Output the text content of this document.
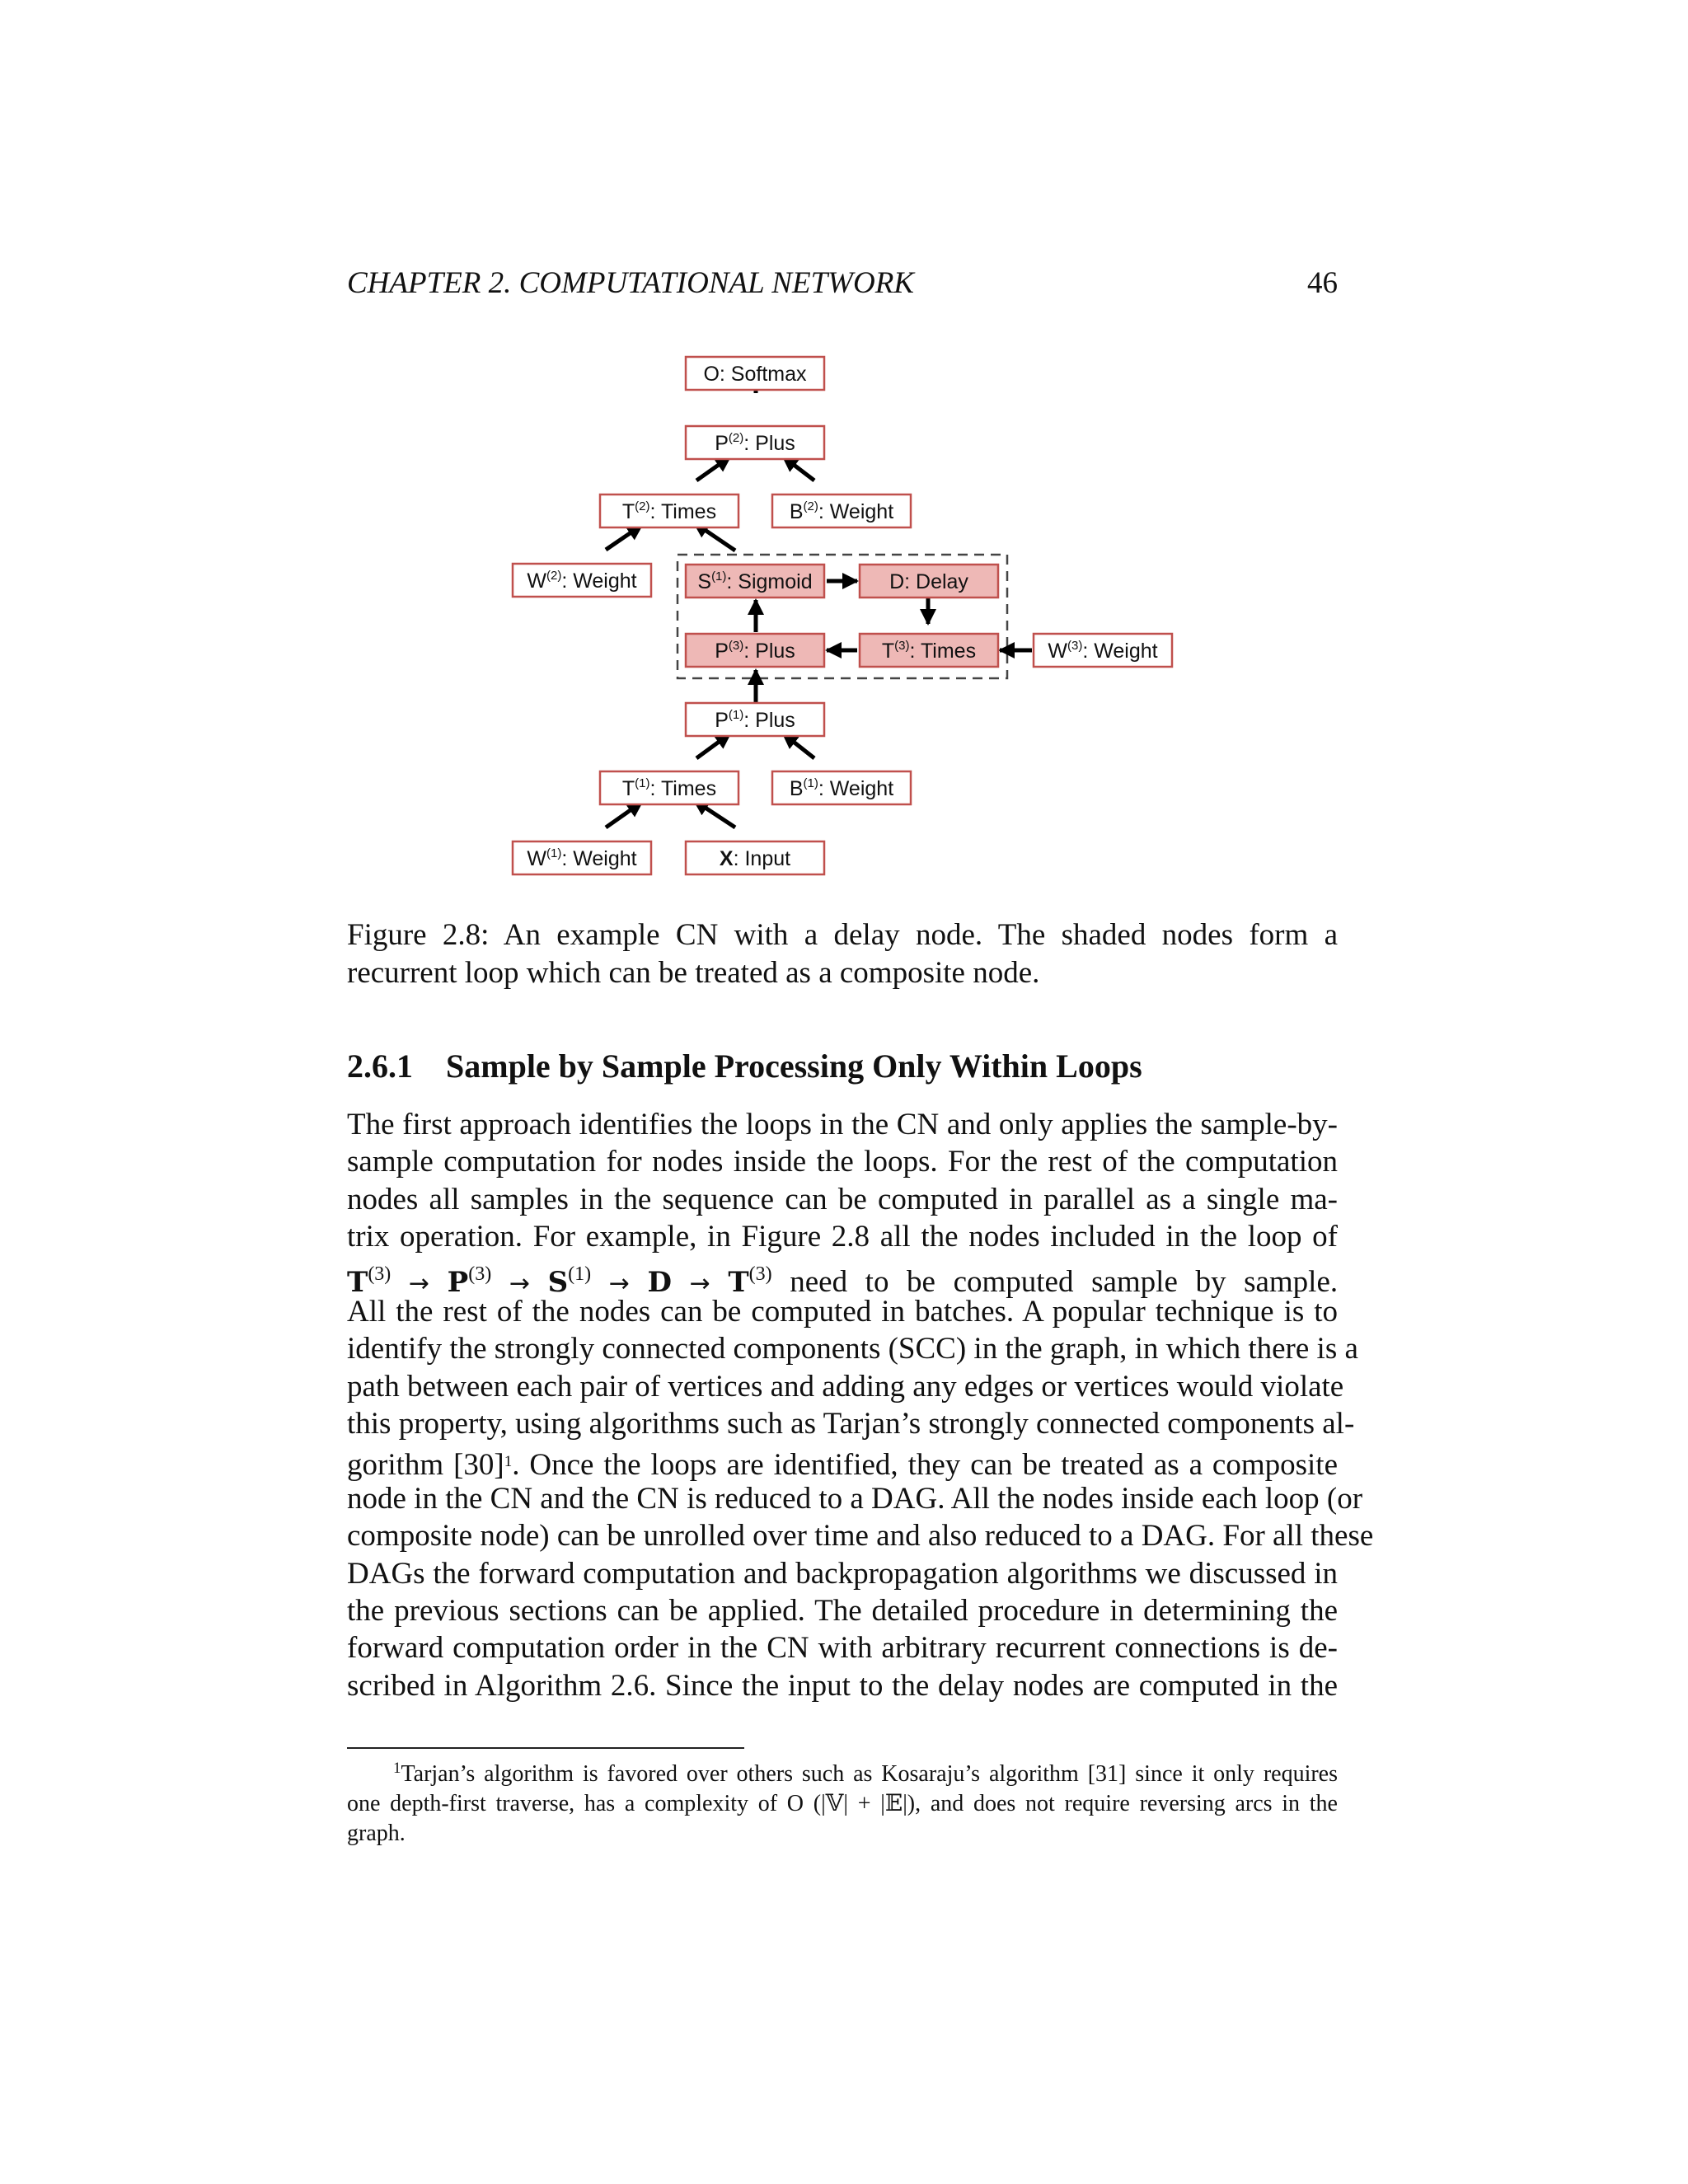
CHAPTER 2. COMPUTATIONAL NETWORK	46
O: Softmax
$P^{(2)}$: Plus
$T^{(2)}$: Times	$B^{(2)}$: Weight
$W^{(2)}$: Weight	$S^{(1)}$: Sigmoid	D: Delay
$P^{(3)}$: Plus	$T^{(3)}$: Times	$W^{(3)}$: Weight
$P^{(1)}$: Plus
$T^{(1)}$: Times	$B^{(1)}$: Weight
$W^{(1)}$: Weight	X: Input
Figure 2.8: An example CN with a delay node. The shaded nodes form a recurrent loop which can be treated as a composite node.
2.6.1 Sample by Sample Processing Only Within Loops
The first approach identifies the loops in the CN and only applies the sample-by-
sample computation for nodes inside the loops. For the rest of the computation
nodes all samples in the sequence can be computed in parallel as a single ma-
trix operation. For example, in Figure 2.8 all the nodes included in the loop of
$T^{(3)} \to P^{(3)} \to S^{(1)} \to D \to T^{(3)}$ need to be computed sample by sample.
All the rest of the nodes can be computed in batches. A popular technique is to
identify the strongly connected components (SCC) in the graph, in which there is a
path between each pair of vertices and adding any edges or vertices would violate
this property, using algorithms such as Tarjan’s strongly connected components al-
gorithm [30]$^1$. Once the loops are identified, they can be treated as a composite
node in the CN and the CN is reduced to a DAG. All the nodes inside each loop (or
composite node) can be unrolled over time and also reduced to a DAG. For all these
DAGs the forward computation and backpropagation algorithms we discussed in
the previous sections can be applied. The detailed procedure in determining the
forward computation order in the CN with arbitrary recurrent connections is de-
scribed in Algorithm 2.6. Since the input to the delay nodes are computed in the
$^1$Tarjan’s algorithm is favored over others such as Kosaraju’s algorithm [31] since it only requires
one depth-first traverse, has a complexity of O (|𝕍| + |𝔼|), and does not require reversing arcs in the
graph.
